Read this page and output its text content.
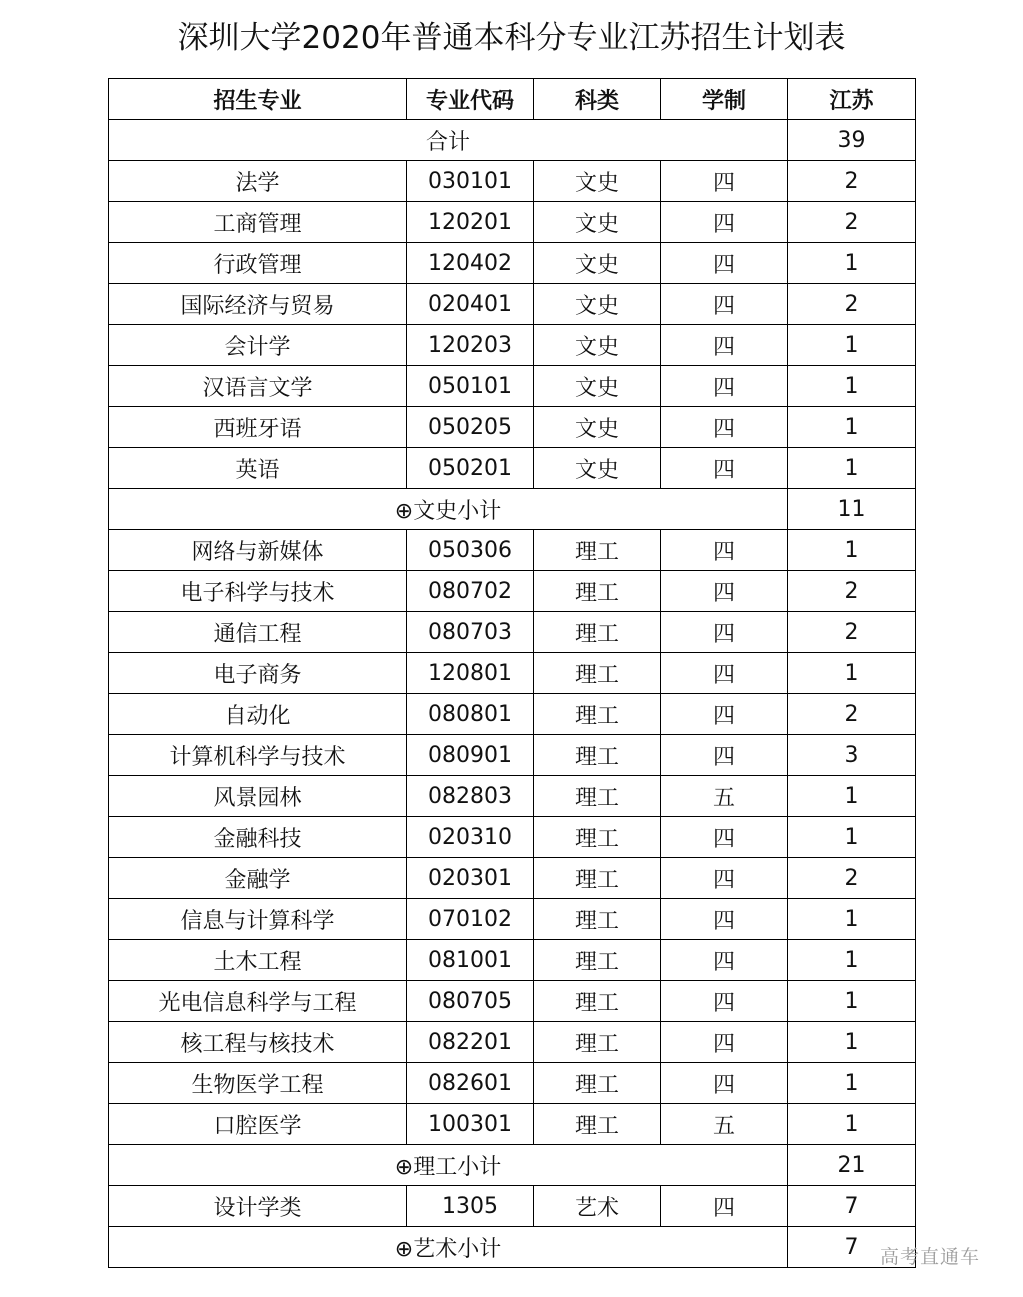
深圳大学2020年普通本科分专业江苏招生计划表
招生专业	专业代码	科类	学制	江苏
合计				39
法学	030101	文史	四	2
工商管理	120201	文史	四	2
行政管理	120402	文史	四	1
国际经济与贸易	020401	文史	四	2
会计学	120203	文史	四	1
汉语言文学	050101	文史	四	1
西班牙语	050205	文史	四	1
英语	050201	文史	四	1
⊕文史小计				11
网络与新媒体	050306	理工	四	1
电子科学与技术	080702	理工	四	2
通信工程	080703	理工	四	2
电子商务	120801	理工	四	1
自动化	080801	理工	四	2
计算机科学与技术	080901	理工	四	3
风景园林	082803	理工	五	1
金融科技	020310	理工	四	1
金融学	020301	理工	四	2
信息与计算科学	070102	理工	四	1
土木工程	081001	理工	四	1
光电信息科学与工程	080705	理工	四	1
核工程与核技术	082201	理工	四	1
生物医学工程	082601	理工	四	1
口腔医学	100301	理工	五	1
⊕理工小计				21
设计学类	1305	艺术	四	7
⊕艺术小计				7 高考直通车
